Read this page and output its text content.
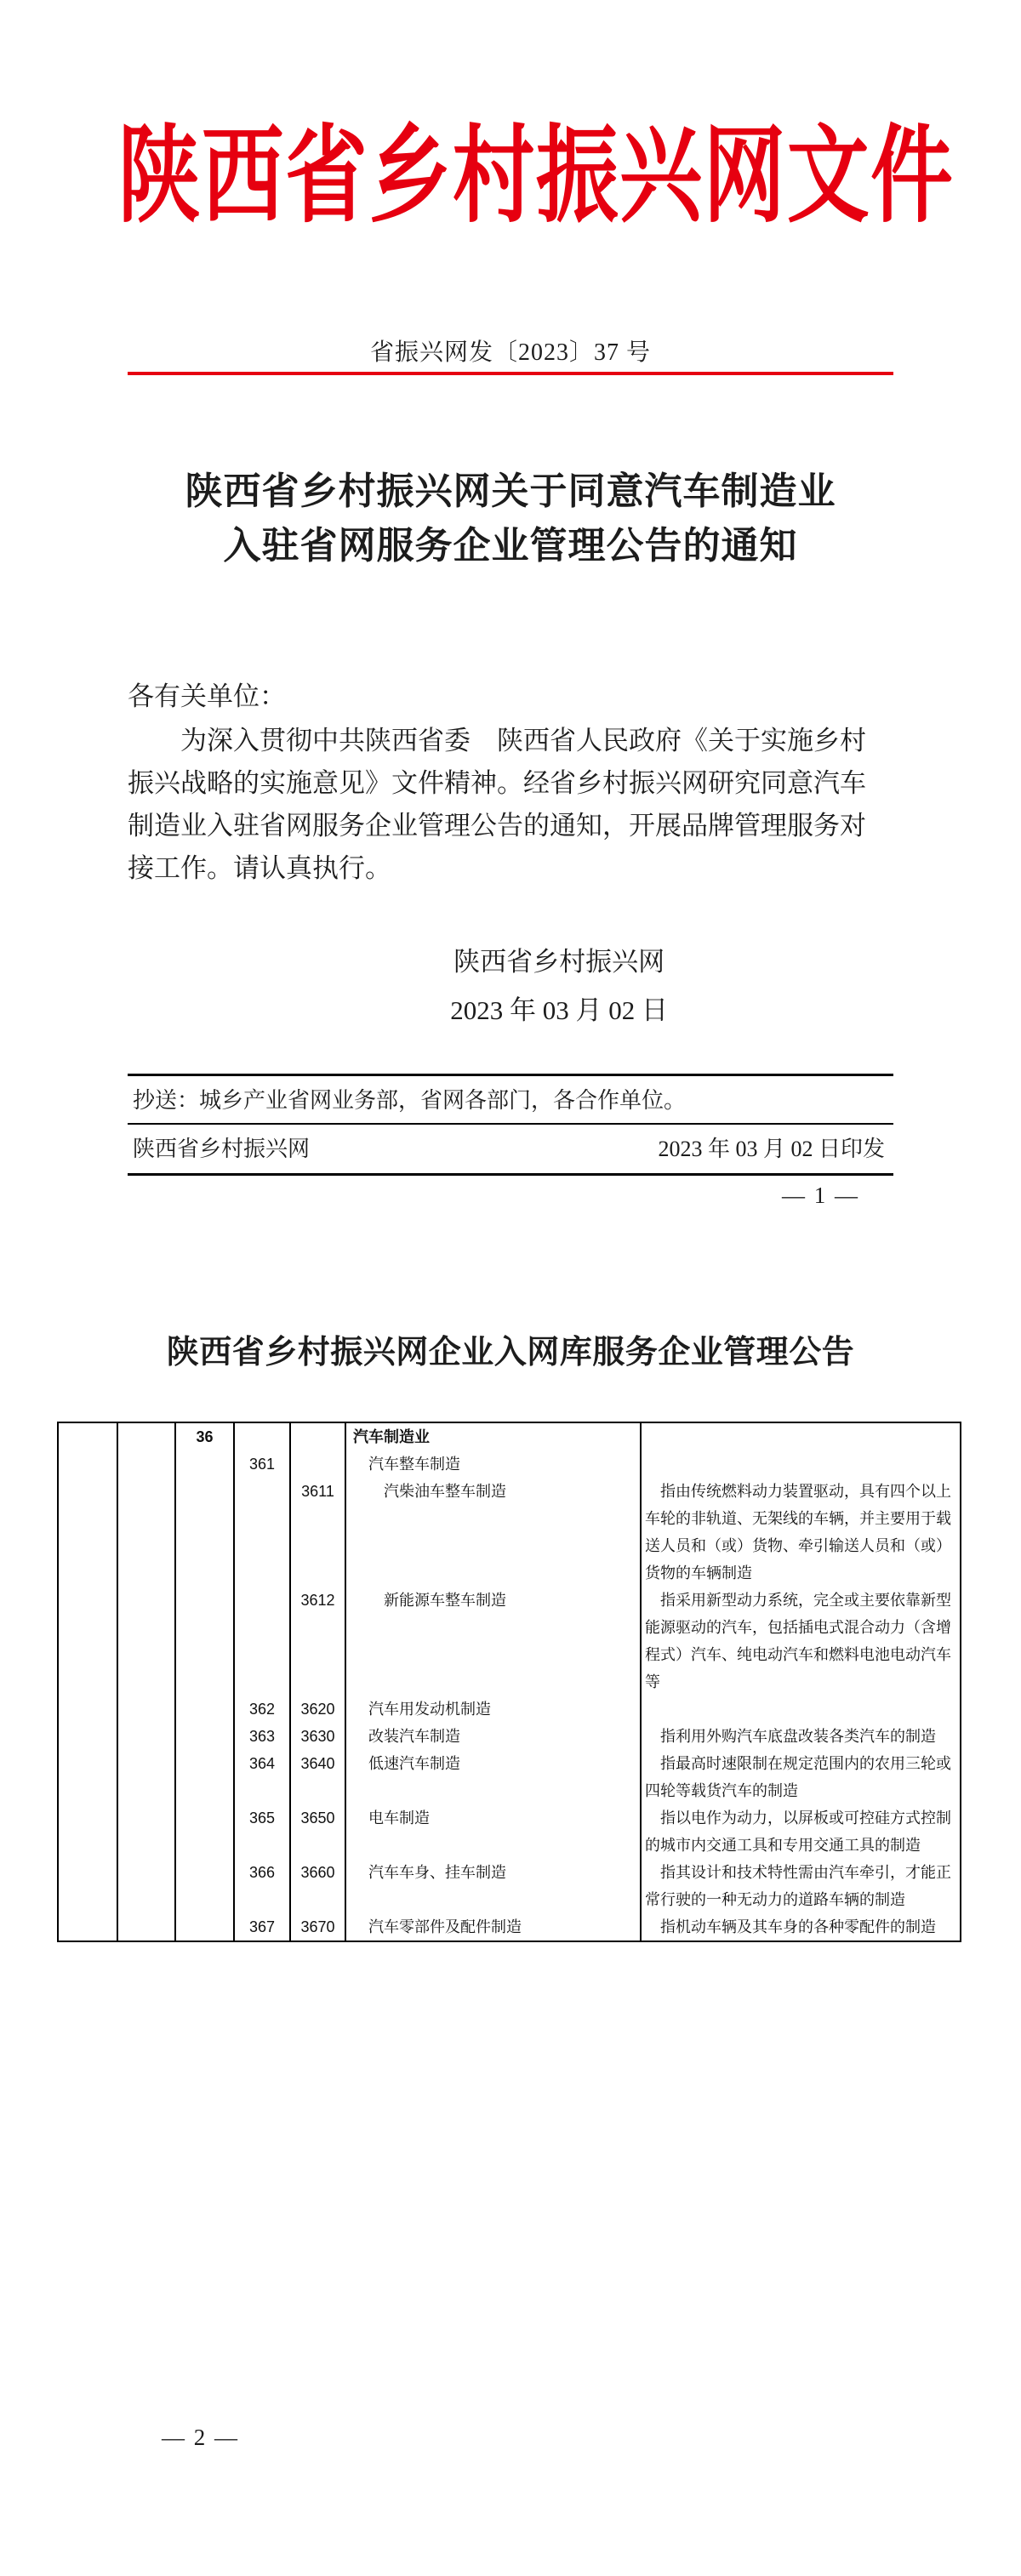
陕西省乡村振兴网文件
省振兴网发〔2023〕37 号
陕西省乡村振兴网关于同意汽车制造业
入驻省网服务企业管理公告的通知
各有关单位：
为深入贯彻中共陕西省委　陕西省人民政府《关于实施乡村
振兴战略的实施意见》文件精神。经省乡村振兴网研究同意汽车
制造业入驻省网服务企业管理公告的通知，开展品牌管理服务对
接工作。请认真执行。
陕西省乡村振兴网
2023 年 03 月 02 日
抄送：城乡产业省网业务部，省网各部门，各合作单位。
陕西省乡村振兴网	2023 年 03 月 02 日印发
— 1 —
陕西省乡村振兴网企业入网库服务企业管理公告
36	汽车制造业
361	　汽车整车制造
3611	　　汽柴油车整车制造	　指由传统燃料动力装置驱动，具有四个以上
车轮的非轨道、无架线的车辆，并主要用于载
送人员和（或）货物、牵引输送人员和（或）
货物的车辆制造
3612	　　新能源车整车制造	　指采用新型动力系统，完全或主要依靠新型
能源驱动的汽车，包括插电式混合动力（含增
程式）汽车、纯电动汽车和燃料电池电动汽车
等
362	3620	　汽车用发动机制造
363	3630	　改装汽车制造	　指利用外购汽车底盘改装各类汽车的制造
364	3640	　低速汽车制造	　指最高时速限制在规定范围内的农用三轮或
四轮等载货汽车的制造
365	3650	　电车制造	　指以电作为动力，以屏板或可控硅方式控制
的城市内交通工具和专用交通工具的制造
366	3660	　汽车车身、挂车制造	　指其设计和技术特性需由汽车牵引，才能正
常行驶的一种无动力的道路车辆的制造
367	3670	　汽车零部件及配件制造	　指机动车辆及其车身的各种零配件的制造
— 2 —
